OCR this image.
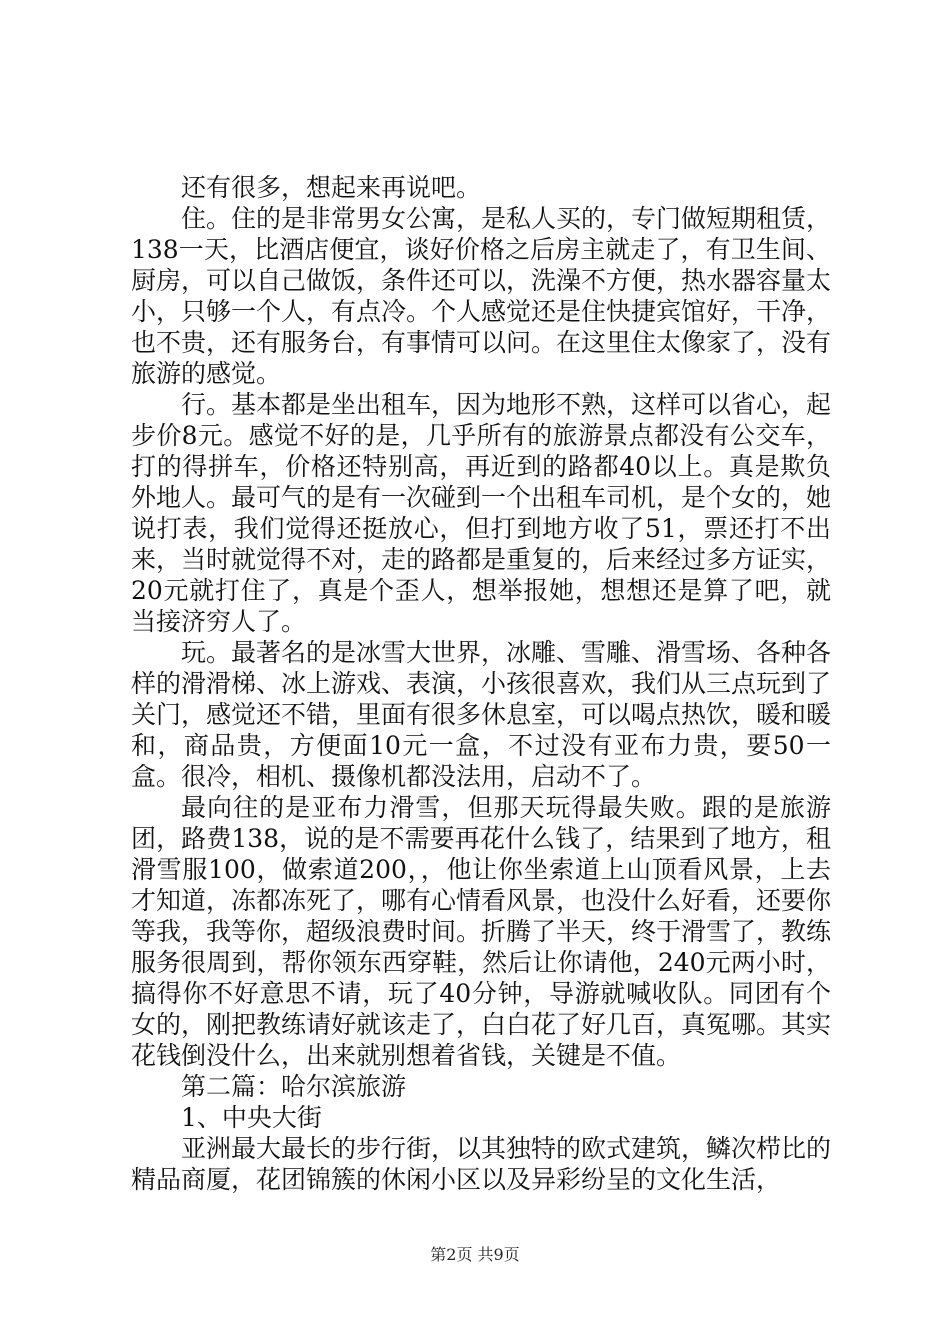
还有很多，想起来再说吧。

住。住的是非常男女公寓，是私人买的，专门做短期租赁，138一天，比酒店便宜，谈好价格之后房主就走了，有卫生间、厨房，可以自己做饭，条件还可以，洗澡不方便，热水器容量太小，只够一个人，有点冷。个人感觉还是住快捷宾馆好，干净，也不贵，还有服务台，有事情可以问。在这里住太像家了，没有旅游的感觉。

行。基本都是坐出租车，因为地形不熟，这样可以省心，起步价8元。感觉不好的是，几乎所有的旅游景点都没有公交车，打的得拼车，价格还特别高，再近到的路都40以上。真是欺负外地人。最可气的是有一次碰到一个出租车司机，是个女的，她说打表，我们觉得还挺放心，但打到地方收了51，票还打不出来，当时就觉得不对，走的路都是重复的，后来经过多方证实，20元就打住了，真是个歪人，想举报她，想想还是算了吧，就当接济穷人了。

玩。最著名的是冰雪大世界，冰雕、雪雕、滑雪场、各种各样的滑滑梯、冰上游戏、表演，小孩很喜欢，我们从三点玩到了关门，感觉还不错，里面有很多休息室，可以喝点热饮，暖和暖和，商品贵，方便面10元一盒，不过没有亚布力贵，要50一盒。很冷，相机、摄像机都没法用，启动不了。

最向往的是亚布力滑雪，但那天玩得最失败。跟的是旅游团，路费138，说的是不需要再花什么钱了，结果到了地方，租滑雪服100，做索道200，，他让你坐索道上山顶看风景，上去才知道，冻都冻死了，哪有心情看风景，也没什么好看，还要你等我，我等你，超级浪费时间。折腾了半天，终于滑雪了，教练服务很周到，帮你领东西穿鞋，然后让你请他，240元两小时，搞得你不好意思不请，玩了40分钟，导游就喊收队。同团有个女的，刚把教练请好就该走了，白白花了好几百，真冤哪。其实花钱倒没什么，出来就别想着省钱，关键是不值。

第二篇：哈尔滨旅游

1、中央大街

亚洲最大最长的步行街，以其独特的欧式建筑，鳞次栉比的精品商厦，花团锦簇的休闲小区以及异彩纷呈的文化生活，

第2页 共9页
